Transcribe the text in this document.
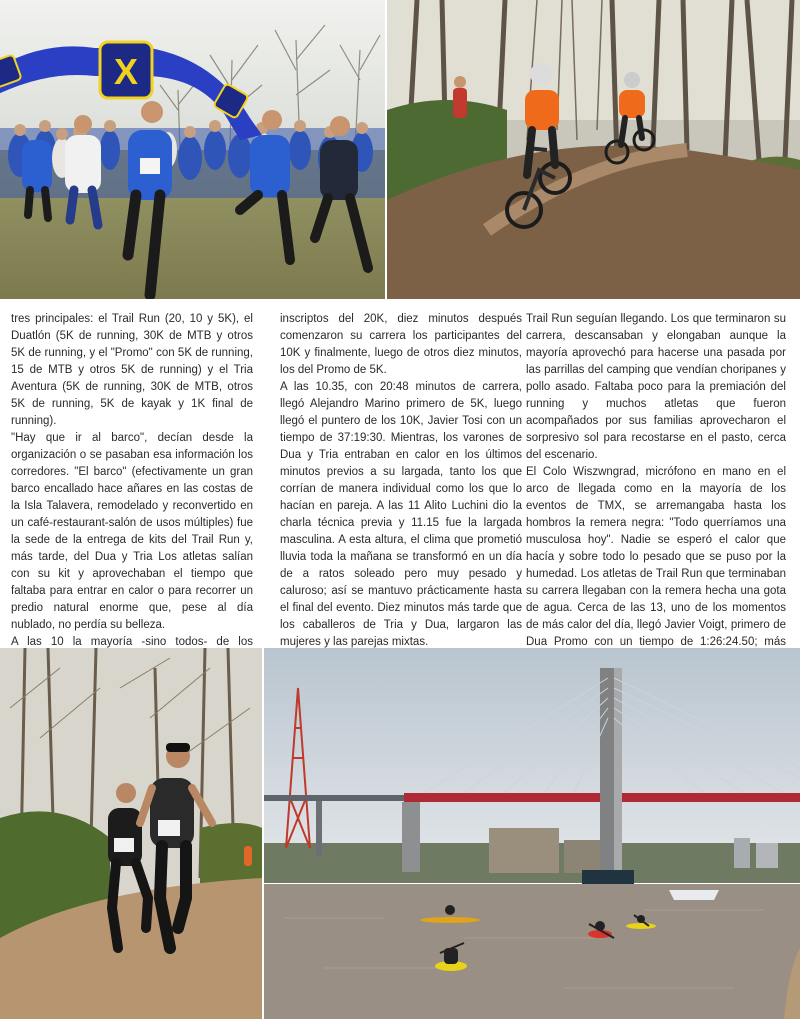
X

tres principales: el Trail Run (20, 10 y 5K), el Duatlón (5K de running, 30K de MTB y otros 5K de running, y el "Promo" con 5K de running, 15 de MTB y otros 5K de running) y el Tria Aventura (5K de running, 30K de MTB, otros 5K de running, 5K de kayak y 1K final de running).

"Hay que ir al barco", decían desde la organización o se pasaban esa información los corredores. "El barco" (efectivamente un gran barco encallado hace añares en las costas de la Isla Talavera, remodelado y reconvertido en un café-restaurant-salón de usos múltiples) fue la sede de la entrega de kits del Trail Run y, más tarde, del Dua y Tria Los atletas salían con su kit y aprovechaban el tiempo que faltaba para entrar en calor o para recorrer un predio natural enorme que, pese al día nublado, no perdía su belleza.

A las 10 la mayoría -sino todos- de los

inscriptos del 20K, diez minutos después comenzaron su carrera los participantes del 10K y finalmente, luego de otros diez minutos, los del Promo de 5K.

A las 10.35, con 20:48 minutos de carrera, llegó Alejandro Marino primero de 5K, luego llegó el puntero de los 10K, Javier Tosi con un tiempo de 37:19:30. Mientras, los varones de Dua y Tria entraban en calor en los últimos minutos previos a su largada, tanto los que corrían de manera individual como los que lo hacían en pareja. A las 11 Alito Luchini dio la charla técnica previa y 11.15 fue la largada masculina. A esta altura, el clima que prometió lluvia toda la mañana se transformó en un día de a ratos soleado pero muy pesado y caluroso; así se mantuvo prácticamente hasta el final del evento. Diez minutos más tarde que los caballeros de Tria y Dua, largaron las mujeres y las parejas mixtas.

Trail Run seguían llegando. Los que terminaron su carrera, descansaban y elongaban aunque la mayoría aprovechó para hacerse una pasada por las parrillas del camping que vendían choripanes y pollo asado. Faltaba poco para la premiación del running y muchos atletas que fueron acompañados por sus familias aprovecharon el sorpresivo sol para recostarse en el pasto, cerca del escenario.

El Colo Wiszwngrad, micrófono en mano en el arco de llegada como en la mayoría de los eventos de TMX, se arremangaba hasta los hombros la remera negra: "Todo querríamos una musculosa hoy". Nadie se esperó el calor que hacía y sobre todo lo pesado que se puso por la humedad. Los atletas de Trail Run que terminaban su carrera llegaban con la remera hecha una gota de agua. Cerca de las 13, uno de los momentos de más calor del día, llegó Javier Voigt, primero de Dua Promo con un tiempo de 1:26:24.50; más
